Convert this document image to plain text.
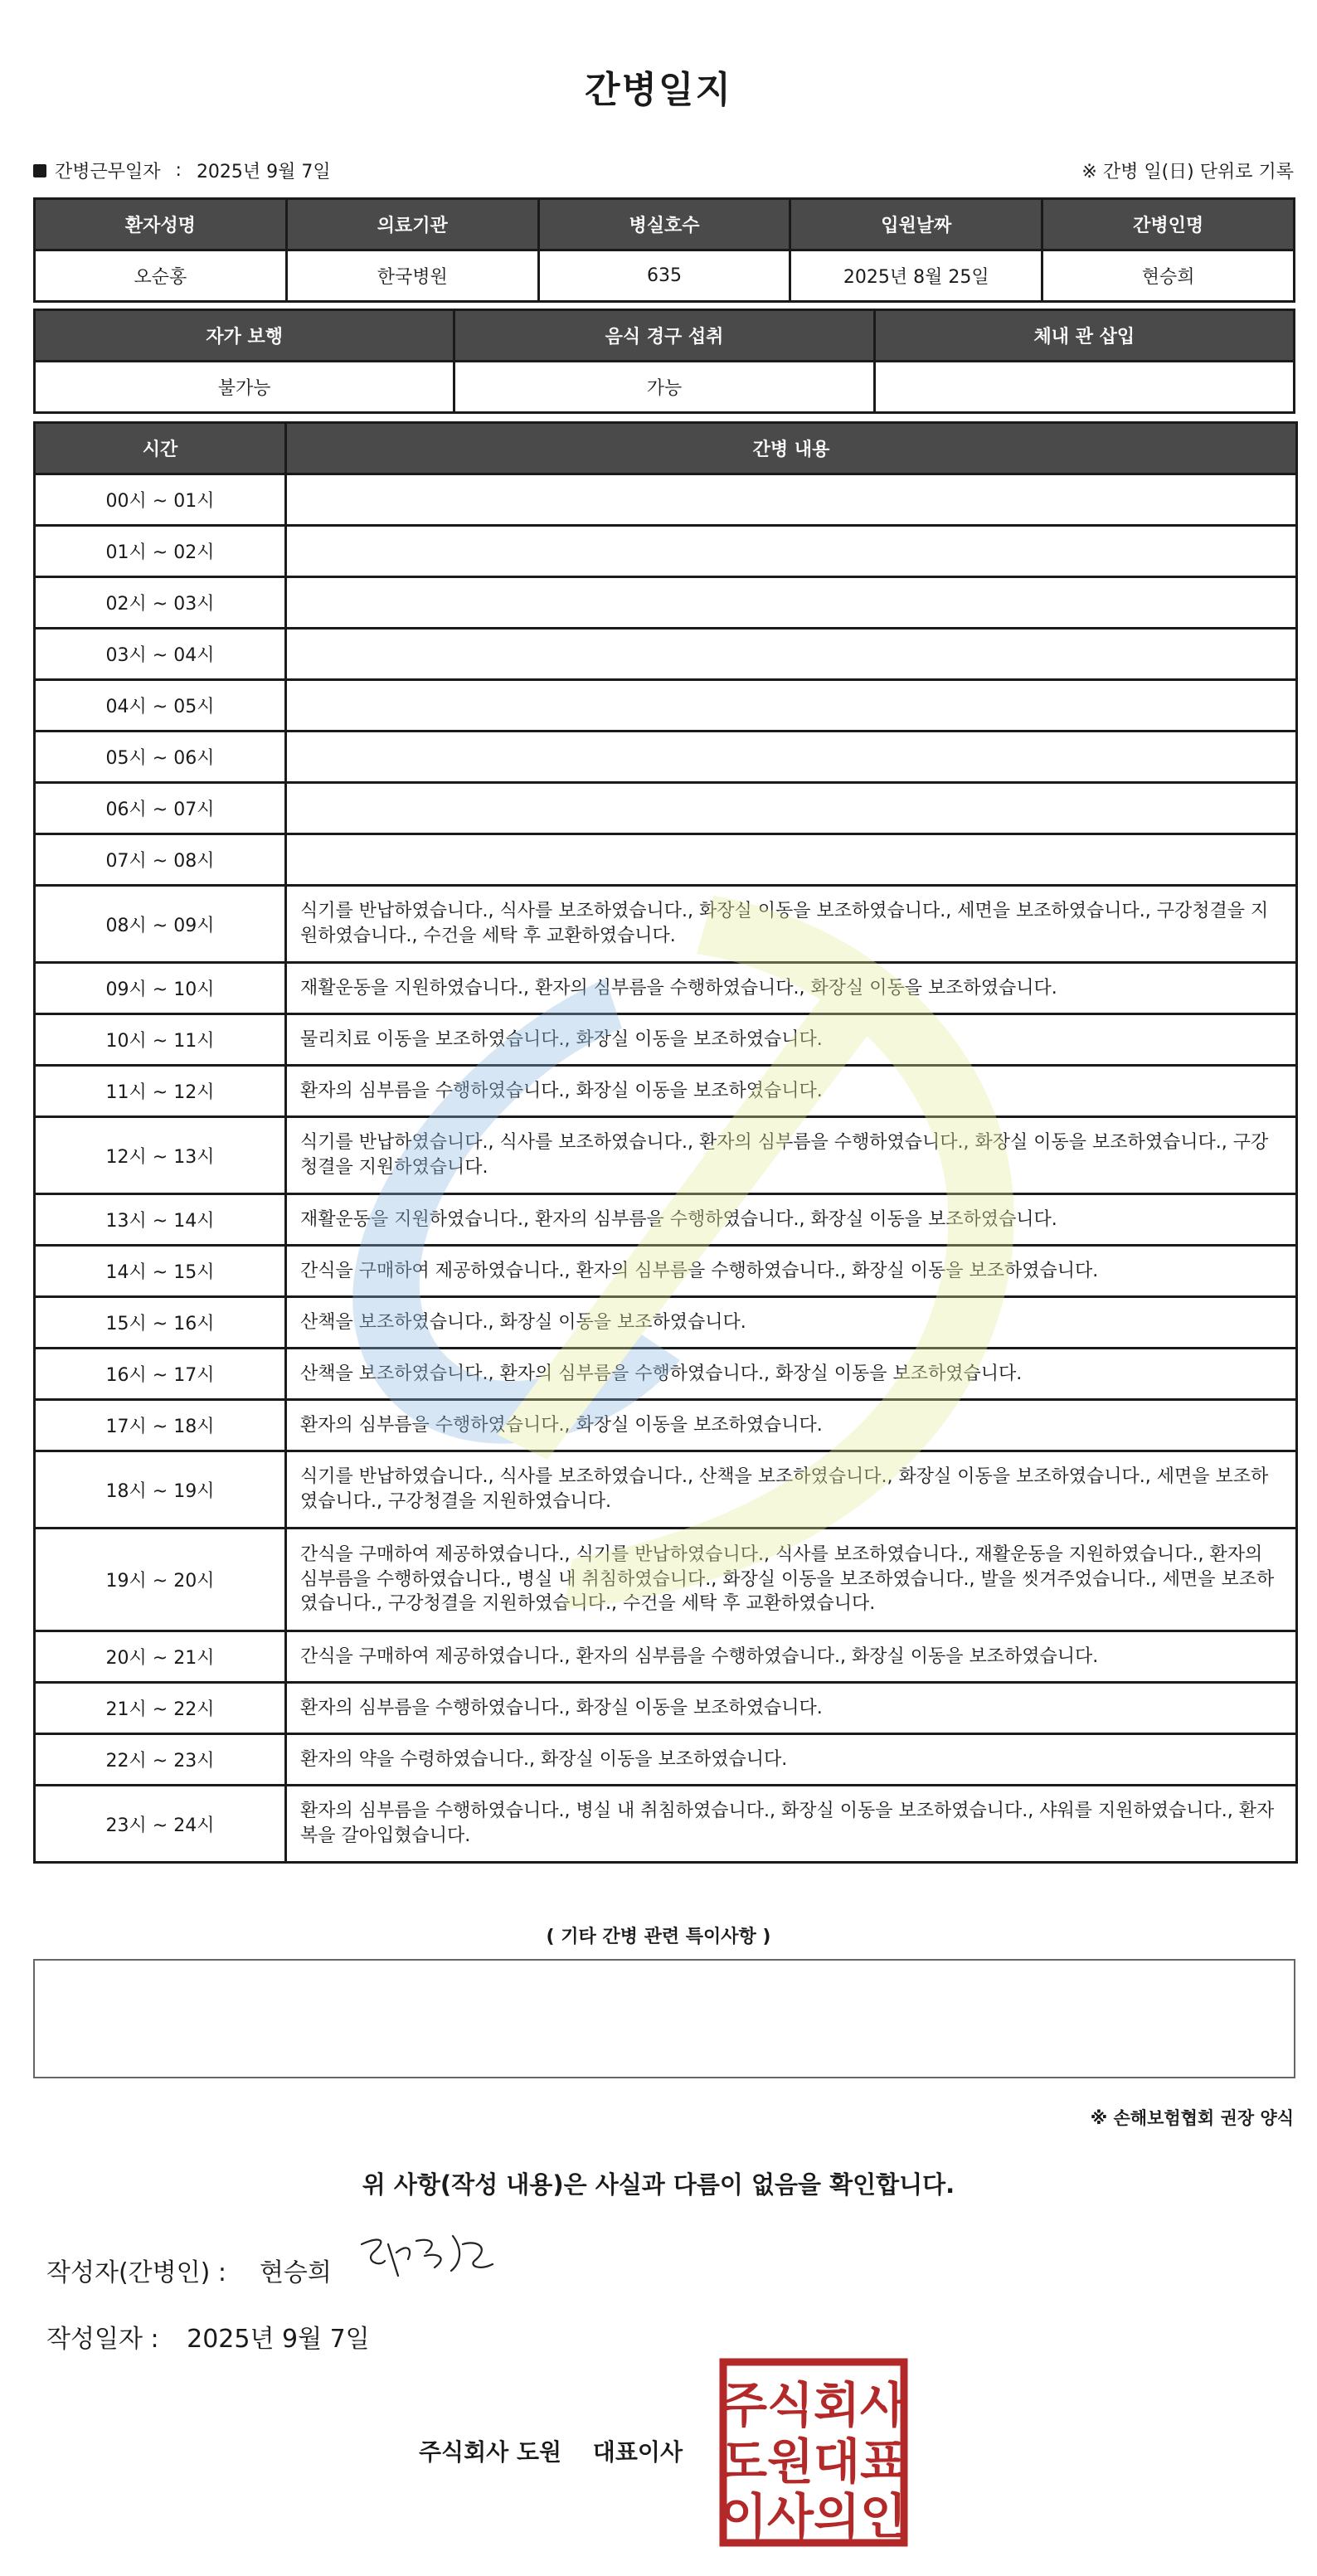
간병일지
간병근무일자 : 2025년 9월 7일	※ 간병 일(日) 단위로 기록
환자성명	의료기관	병실호수	입원날짜	간병인명
오순홍	한국병원	635	2025년 8월 25일	현승희
자가 보행	음식 경구 섭취	체내 관 삽입
불가능	가능	
시간	간병 내용
00시 ~ 01시	
01시 ~ 02시	
02시 ~ 03시	
03시 ~ 04시	
04시 ~ 05시	
05시 ~ 06시	
06시 ~ 07시	
07시 ~ 08시	
08시 ~ 09시	식기를 반납하였습니다., 식사를 보조하였습니다., 화장실 이동을 보조하였습니다., 세면을 보조하였습니다., 구강청결을 지원하였습니다., 수건을 세탁 후 교환하였습니다.
09시 ~ 10시	재활운동을 지원하였습니다., 환자의 심부름을 수행하였습니다., 화장실 이동을 보조하였습니다.
10시 ~ 11시	물리치료 이동을 보조하였습니다., 화장실 이동을 보조하였습니다.
11시 ~ 12시	환자의 심부름을 수행하였습니다., 화장실 이동을 보조하였습니다.
12시 ~ 13시	식기를 반납하였습니다., 식사를 보조하였습니다., 환자의 심부름을 수행하였습니다., 화장실 이동을 보조하였습니다., 구강청결을 지원하였습니다.
13시 ~ 14시	재활운동을 지원하였습니다., 환자의 심부름을 수행하였습니다., 화장실 이동을 보조하였습니다.
14시 ~ 15시	간식을 구매하여 제공하였습니다., 환자의 심부름을 수행하였습니다., 화장실 이동을 보조하였습니다.
15시 ~ 16시	산책을 보조하였습니다., 화장실 이동을 보조하였습니다.
16시 ~ 17시	산책을 보조하였습니다., 환자의 심부름을 수행하였습니다., 화장실 이동을 보조하였습니다.
17시 ~ 18시	환자의 심부름을 수행하였습니다., 화장실 이동을 보조하였습니다.
18시 ~ 19시	식기를 반납하였습니다., 식사를 보조하였습니다., 산책을 보조하였습니다., 화장실 이동을 보조하였습니다., 세면을 보조하였습니다., 구강청결을 지원하였습니다.
19시 ~ 20시	간식을 구매하여 제공하였습니다., 식기를 반납하였습니다., 식사를 보조하였습니다., 재활운동을 지원하였습니다., 환자의 심부름을 수행하였습니다., 병실 내 취침하였습니다., 화장실 이동을 보조하였습니다., 발을 씻겨주었습니다., 세면을 보조하였습니다., 구강청결을 지원하였습니다., 수건을 세탁 후 교환하였습니다.
20시 ~ 21시	간식을 구매하여 제공하였습니다., 환자의 심부름을 수행하였습니다., 화장실 이동을 보조하였습니다.
21시 ~ 22시	환자의 심부름을 수행하였습니다., 화장실 이동을 보조하였습니다.
22시 ~ 23시	환자의 약을 수령하였습니다., 화장실 이동을 보조하였습니다.
23시 ~ 24시	환자의 심부름을 수행하였습니다., 병실 내 취침하였습니다., 화장실 이동을 보조하였습니다., 샤워를 지원하였습니다., 환자복을 갈아입혔습니다.
( 기타 간병 관련 특이사항 )
※ 손해보험협회 권장 양식
위 사항(작성 내용)은 사실과 다름이 없음을 확인합니다.
작성자(간병인) : 현승희
작성일자 : 2025년 9월 7일
주식회사 도원 대표이사
주식회사
도원대표
이사의인
